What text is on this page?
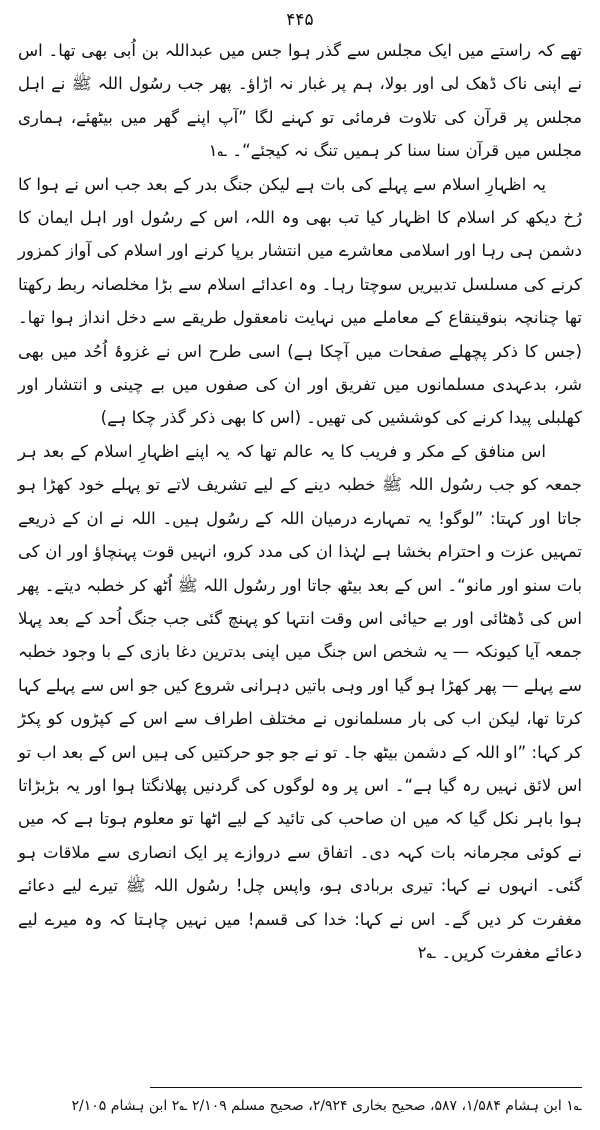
۴۴۵

تھے کہ راستے میں ایک مجلس سے گذر ہوا جس میں عبداللہ بن اُبی بھی تھا۔ اس نے اپنی ناک ڈھک لی اور بولا، ہم پر غبار نہ اڑاؤ۔ پھر جب رسُول اللہ ﷺ نے اہل مجلس پر قرآن کی تلاوت فرمائی تو کہنے لگا ”آپ اپنے گھر میں بیٹھئے، ہماری مجلس میں قرآن سنا سنا کر ہمیں تنگ نہ کیجئے“۔ ؎۱

یہ اظہارِ اسلام سے پہلے کی بات ہے لیکن جنگ بدر کے بعد جب اس نے ہوا کا رُخ دیکھ کر اسلام کا اظہار کیا تب بھی وہ اللہ، اس کے رسُول اور اہل ایمان کا دشمن ہی رہا اور اسلامی معاشرے میں انتشار برپا کرنے اور اسلام کی آواز کمزور کرنے کی مسلسل تدبیریں سوچتا رہا۔ وہ اعدائے اسلام سے بڑا مخلصانہ ربط رکھتا تھا چنانچہ بنوقینقاع کے معاملے میں نہایت نامعقول طریقے سے دخل انداز ہوا تھا۔ (جس کا ذکر پچھلے صفحات میں آچکا ہے) اسی طرح اس نے غزوۂ اُحُد میں بھی شر، بدعہدی مسلمانوں میں تفریق اور ان کی صفوں میں بے چینی و انتشار اور کھلبلی پیدا کرنے کی کوششیں کی تھیں۔ (اس کا بھی ذکر گذر چکا ہے)

اس منافق کے مکر و فریب کا یہ عالم تھا کہ یہ اپنے اظہارِ اسلام کے بعد ہر جمعہ کو جب رسُول اللہ ﷺ خطبہ دینے کے لیے تشریف لاتے تو پہلے خود کھڑا ہو جاتا اور کہتا: ”لوگو! یہ تمہارے درمیان اللہ کے رسُول ہیں۔ اللہ نے ان کے ذریعے تمہیں عزت و احترام بخشا ہے لہٰذا ان کی مدد کرو، انہیں قوت پہنچاؤ اور ان کی بات سنو اور مانو“۔ اس کے بعد بیٹھ جاتا اور رسُول اللہ ﷺ اُٹھ کر خطبہ دیتے۔ پھر اس کی ڈھٹائی اور بے حیائی اس وقت انتہا کو پہنچ گئی جب جنگ اُحد کے بعد پہلا جمعہ آیا کیونکہ — یہ شخص اس جنگ میں اپنی بدترین دغا بازی کے با وجود خطبہ سے پہلے — پھر کھڑا ہو گیا اور وہی باتیں دہرانی شروع کیں جو اس سے پہلے کہا کرتا تھا، لیکن اب کی بار مسلمانوں نے مختلف اطراف سے اس کے کپڑوں کو پکڑ کر کہا: ”او اللہ کے دشمن بیٹھ جا۔ تو نے جو جو حرکتیں کی ہیں اس کے بعد اب تو اس لائق نہیں رہ گیا ہے“۔ اس پر وہ لوگوں کی گردنیں پھلانگتا ہوا اور یہ بڑبڑاتا ہوا باہر نکل گیا کہ میں ان صاحب کی تائید کے لیے اٹھا تو معلوم ہوتا ہے کہ میں نے کوئی مجرمانہ بات کہہ دی۔ اتفاق سے دروازے پر ایک انصاری سے ملاقات ہو گئی۔ انہوں نے کہا: تیری بربادی ہو، واپس چل! رسُول اللہ ﷺ تیرے لیے دعائے مغفرت کر دیں گے۔ اس نے کہا: خدا کی قسم! میں نہیں چاہتا کہ وہ میرے لیے دعائے مغفرت کریں۔ ؎۲

؎۱ ابن ہشام ۱/۵۸۴، ۵۸۷، صحیح بخاری ۲/۹۲۴، صحیح مسلم ۲/۱۰۹ ؎۲ ابن ہشام ۲/۱۰۵
